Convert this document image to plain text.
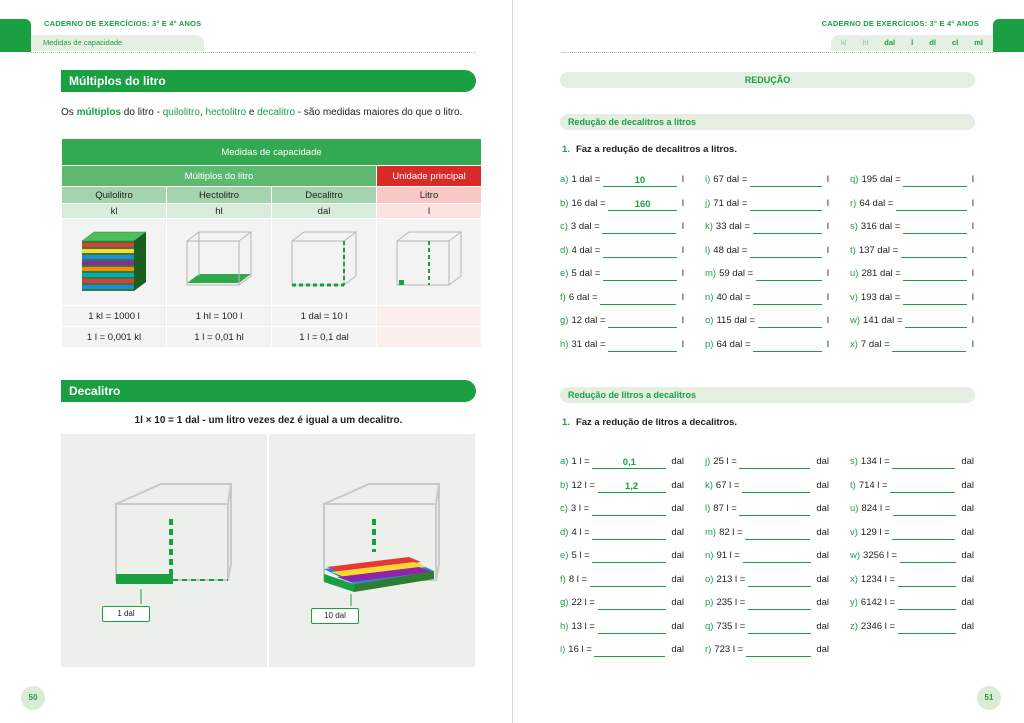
CADERNO DE EXERCÍCIOS: 3° E 4° ANOS
Medidas de capacidade
Múltiplos do litro
Os múltiplos do litro - quilolitro, hectolitro e decalitro - são medidas maiores do que o litro.
Medidas de capacidade			
Múltiplos do litro			Unidade principal
Quilolitro	Hectolitro	Decalitro	Litro
kl	hl	dal	l

1 kl = 1000 l	1 hl = 100 l	1 dal = 10 l	
1 l = 0,001 kl	1 l = 0,01 hl	1 l = 0,1 dal	
Decalitro
1l × 10 = 1 dal - um litro vezes dez é igual a um decalitro.
1 dal	10 dal
50
CADERNO DE EXERCÍCIOS: 3° E 4° ANOS
kl hl dal l dl cl ml
51
REDUÇÃO
Redução de decalitros a litros
1. Faz a redução de decalitros a litros.
a) 1 dal =	10	l
b) 16 dal =	160	l
c) 3 dal =	l
d) 4 dal =	l
e) 5 dal =	l
f) 6 dal =	l
g) 12 dal =	l
h) 31 dal =	l
i) 67 dal =	l
j) 71 dal =	l
k) 33 dal =	l
l) 48 dal =	l
m) 59 dal =	l
n) 40 dal =	l
o) 115 dal =	l
p) 64 dal =	l
q) 195 dal =	l
r) 64 dal =	l
s) 316 dal =	l
t) 137 dal =	l
u) 281 dal =	l
v) 193 dal =	l
w) 141 dal =	l
x) 7 dal =	l
Redução de litros a decalitros
1. Faz a redução de litros a decalitros.
a) 1 l =	0,1	dal
b) 12 l =	1,2	dal
c) 3 l =	dal
d) 4 l =	dal
e) 5 l =	dal
f) 8 l =	dal
g) 22 l =	dal
h) 13 l =	dal
i) 16 l =	dal
j) 25 l =	dal
k) 67 l =	dal
l) 87 l =	dal
m) 82 l =	dal
n) 91 l =	dal
o) 213 l =	dal
p) 235 l =	dal
q) 735 l =	dal
r) 723 l =	dal
s) 134 l =	dal
t) 714 l =	dal
u) 824 l =	dal
v) 129 l =	dal
w) 3256 l =	dal
x) 1234 l =	dal
y) 6142 l =	dal
z) 2346 l =	dal
